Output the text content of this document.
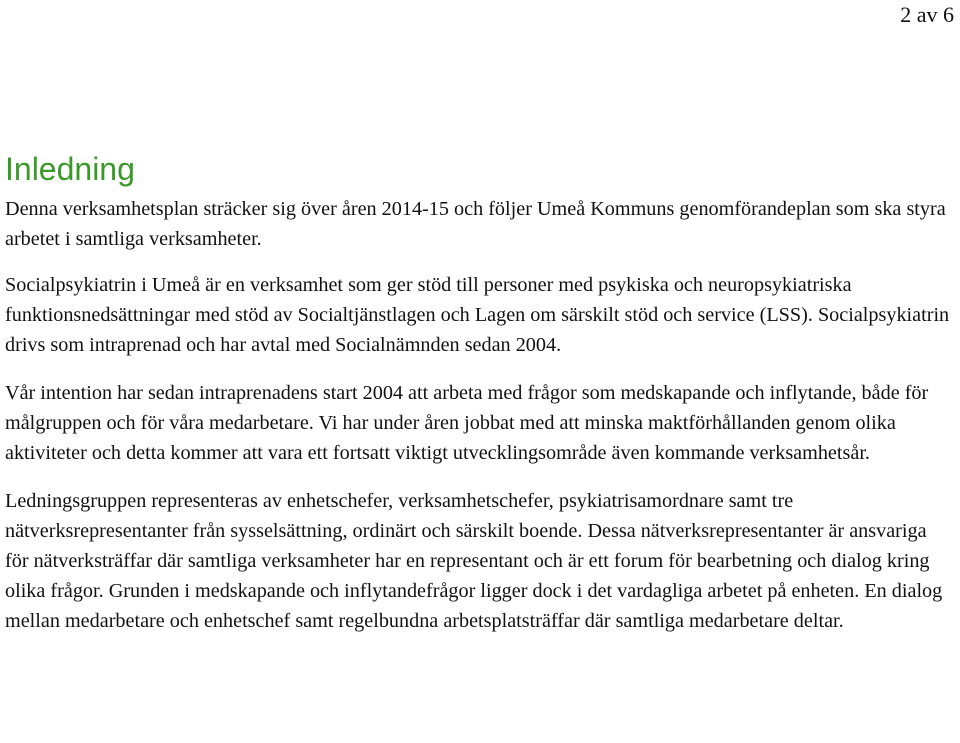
2 av 6
Inledning

Denna verksamhetsplan sträcker sig över åren 2014-15 och följer Umeå Kommuns genomförandeplan som ska styra arbetet i samtliga verksamheter.

Socialpsykiatrin i Umeå är en verksamhet som ger stöd till personer med psykiska och neuropsykiatriska funktionsnedsättningar med stöd av Socialtjänstlagen och Lagen om särskilt stöd och service (LSS). Socialpsykiatrin drivs som intraprenad och har avtal med Socialnämnden sedan 2004.

Vår intention har sedan intraprenadens start 2004 att arbeta med frågor som medskapande och inflytande, både för målgruppen och för våra medarbetare. Vi har under åren jobbat med att minska maktförhållanden genom olika aktiviteter och detta kommer att vara ett fortsatt viktigt utvecklingsområde även kommande verksamhetsår.

Ledningsgruppen representeras av enhetschefer, verksamhetschefer, psykiatrisamordnare samt tre nätverksrepresentanter från sysselsättning, ordinärt och särskilt boende. Dessa nätverksrepresentanter är ansvariga för nätverksträffar där samtliga verksamheter har en representant och är ett forum för bearbetning och dialog kring olika frågor. Grunden i medskapande och inflytandefrågor ligger dock i det vardagliga arbetet på enheten. En dialog mellan medarbetare och enhetschef samt regelbundna arbetsplatsträffar där samtliga medarbetare deltar.
